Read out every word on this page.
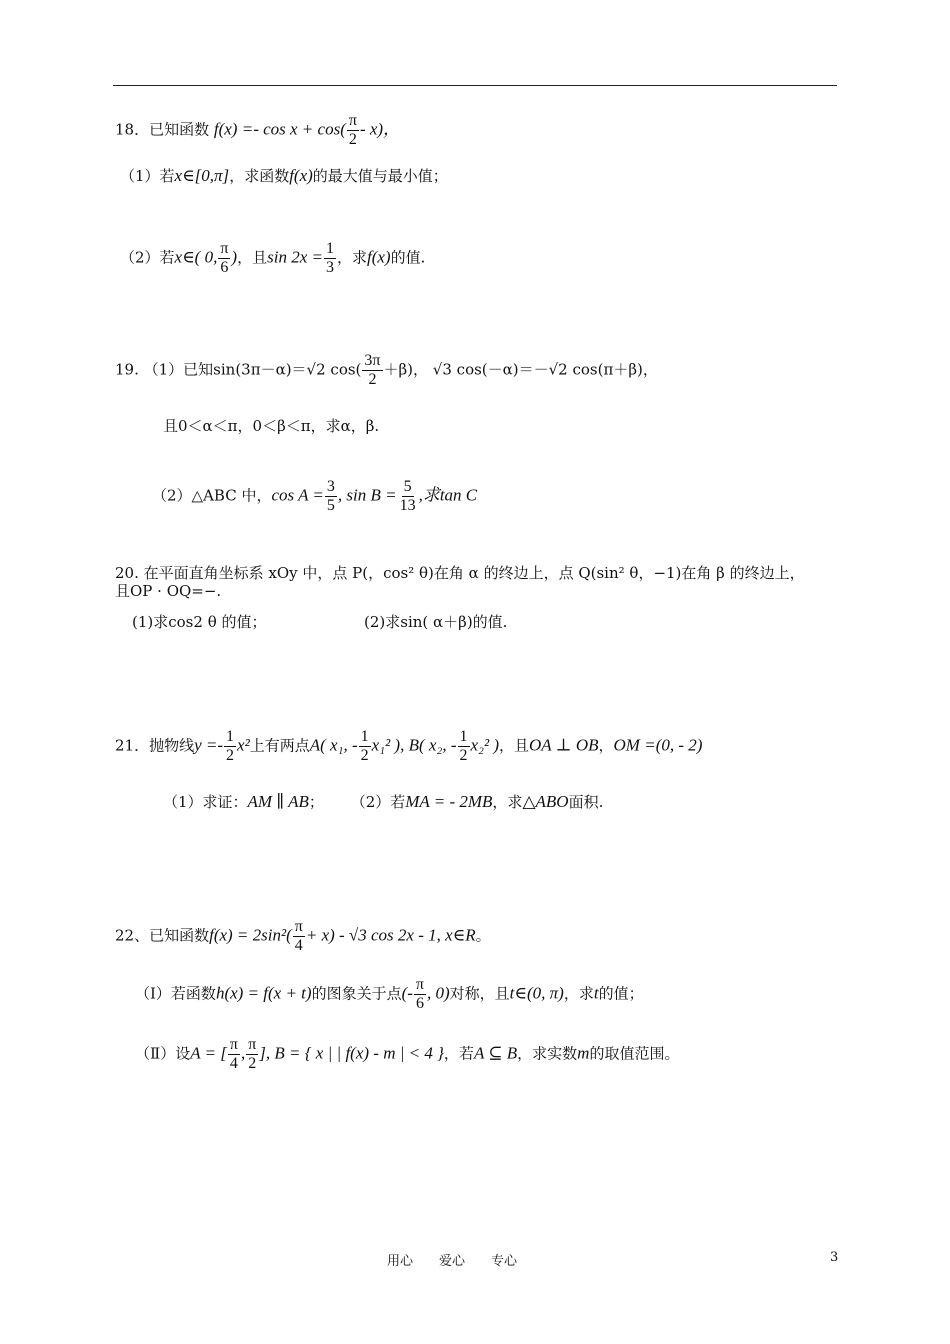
18．已知函数 $f(x) =- \cos x + \cos( \frac{\pi}{2} - x)$，
（1）若x∈[0,π]，求函数f(x)的最大值与最小值；
（2）若x∈( 0, $\frac{\pi}{6}$ )，且$\sin 2x = \frac{1}{3}$ ，求f(x)的值.
19. （1）已知sin(3π－α)＝√2 $\cos( \frac{3\pi}{2} +\beta)$， √3 cos(－α)＝－√2 cos(π＋β)，
且0＜α＜π，0＜β＜π，求α，β.
（2）△ABC 中，$\cos A = \frac{3}{5}$ , $\sin B = \frac{5}{13}$ ,求tan C
20. 在平面直角坐标系 xOy 中，点 P(，cos² θ)在角 α 的终边上，点 Q(sin² θ，−1)在角 β 的终边上，
且OP · OQ=−.
(1)求cos2 θ 的值；	(2)求sin( α＋β)的值.
21．抛物线$y =- \frac{1}{2} x^2$上有两点A( x₁, - $\frac{1}{2} x_1^2$ ), B( x₂, - $\frac{1}{2} x_2^2$ )，且OA ⊥ OB，OM =(0, - 2)
（1）求证：AM ∥ AB； （2）若MA = - 2MB，求△ABO面积.
22、已知函数$f(x) = 2\sin^2( \frac{\pi}{4} + x) - √3$ cos 2x - 1, x∈R。
（Ⅰ）若函数h(x) = f(x + t)的图象关于点(- $\frac{\pi}{6}$ , 0)对称，且t∈(0, π)，求t的值；
（Ⅱ）设A = [ $\frac{\pi}{4}$ , $\frac{\pi}{2}$ ], B = { x | | f(x) - m | < 4 }，若A ⊆ B，求实数m的取值范围。
用心　　爱心　　专心	3
